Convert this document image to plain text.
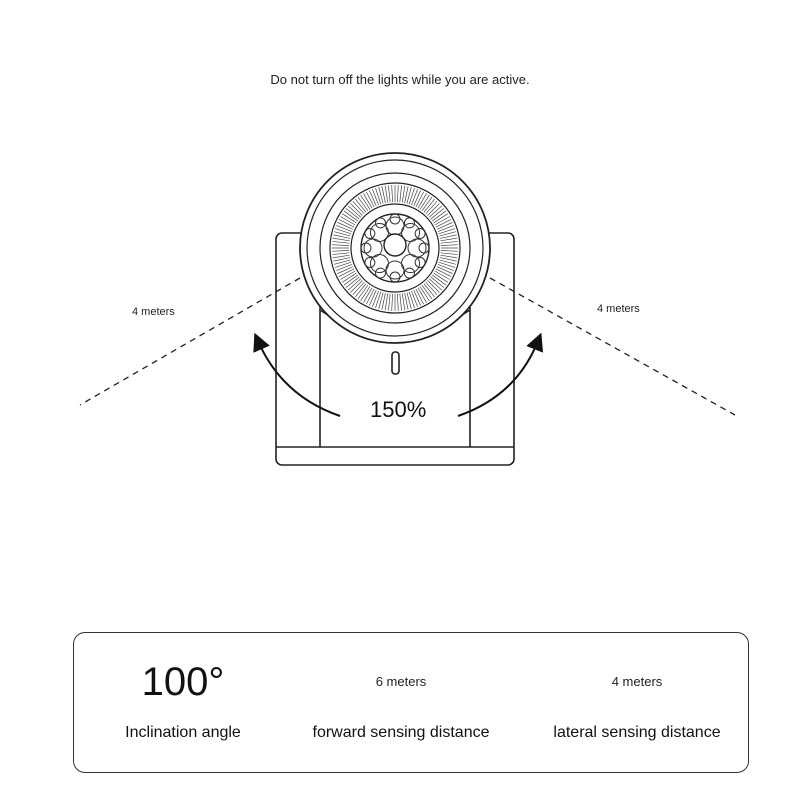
Do not turn off the lights while you are active.
4 meters	4 meters
150%
100°
Inclination angle
6 meters
forward sensing distance
4 meters
lateral sensing distance
